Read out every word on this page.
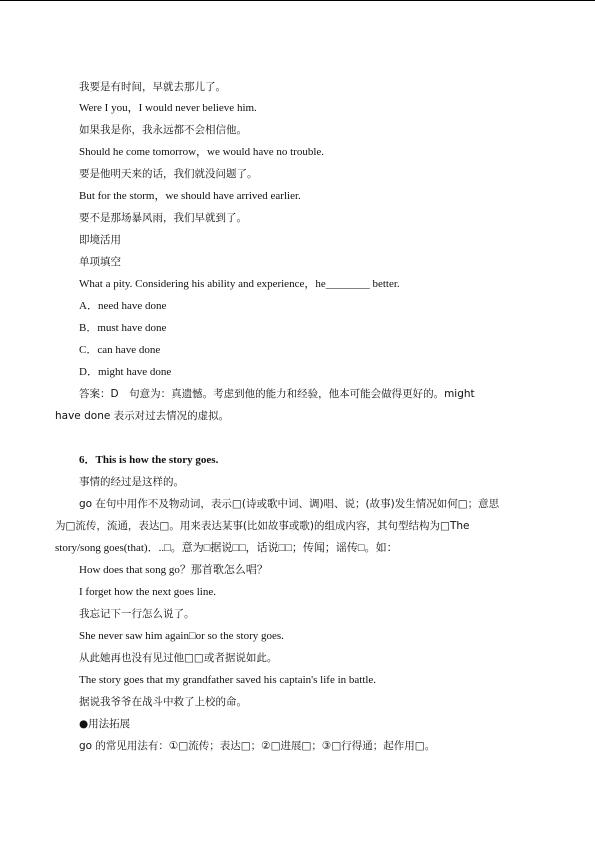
我要是有时间，早就去那儿了。
Were I you，I would never believe him.
如果我是你，我永远都不会相信他。
Should he come tomorrow，we would have no trouble.
要是他明天来的话，我们就没问题了。
But for the storm，we should have arrived earlier.
要不是那场暴风雨，我们早就到了。
即境活用
单项填空
What a pity. Considering his ability and experience，he________ better.
A．need have done
B．must have done
C．can have done
D．might have done
答案：D　句意为：真遗憾。考虑到他的能力和经验，他本可能会做得更好的。might
have done 表示对过去情况的虚拟。
6．This is how the story goes.
事情的经过是这样的。
go 在句中用作不及物动词，表示□(诗或歌中词、调)唱、说；(故事)发生情况如何□；意思
为□流传，流通，表达□。用来表达某事(比如故事或歌)的组成内容，其句型结构为□The
story/song goes(that)．..□。意为□据说□□，话说□□；传闻；谣传□。如：
How does that song go？那首歌怎么唱？
I forget how the next goes line.
我忘记下一行怎么说了。
She never saw him again□or so the story goes.
从此她再也没有见过他□□或者据说如此。
The story goes that my grandfather saved his captain's life in battle.
据说我爷爷在战斗中救了上校的命。
●用法拓展
go 的常见用法有：①□流传；表达□；②□进展□；③□行得通；起作用□。
